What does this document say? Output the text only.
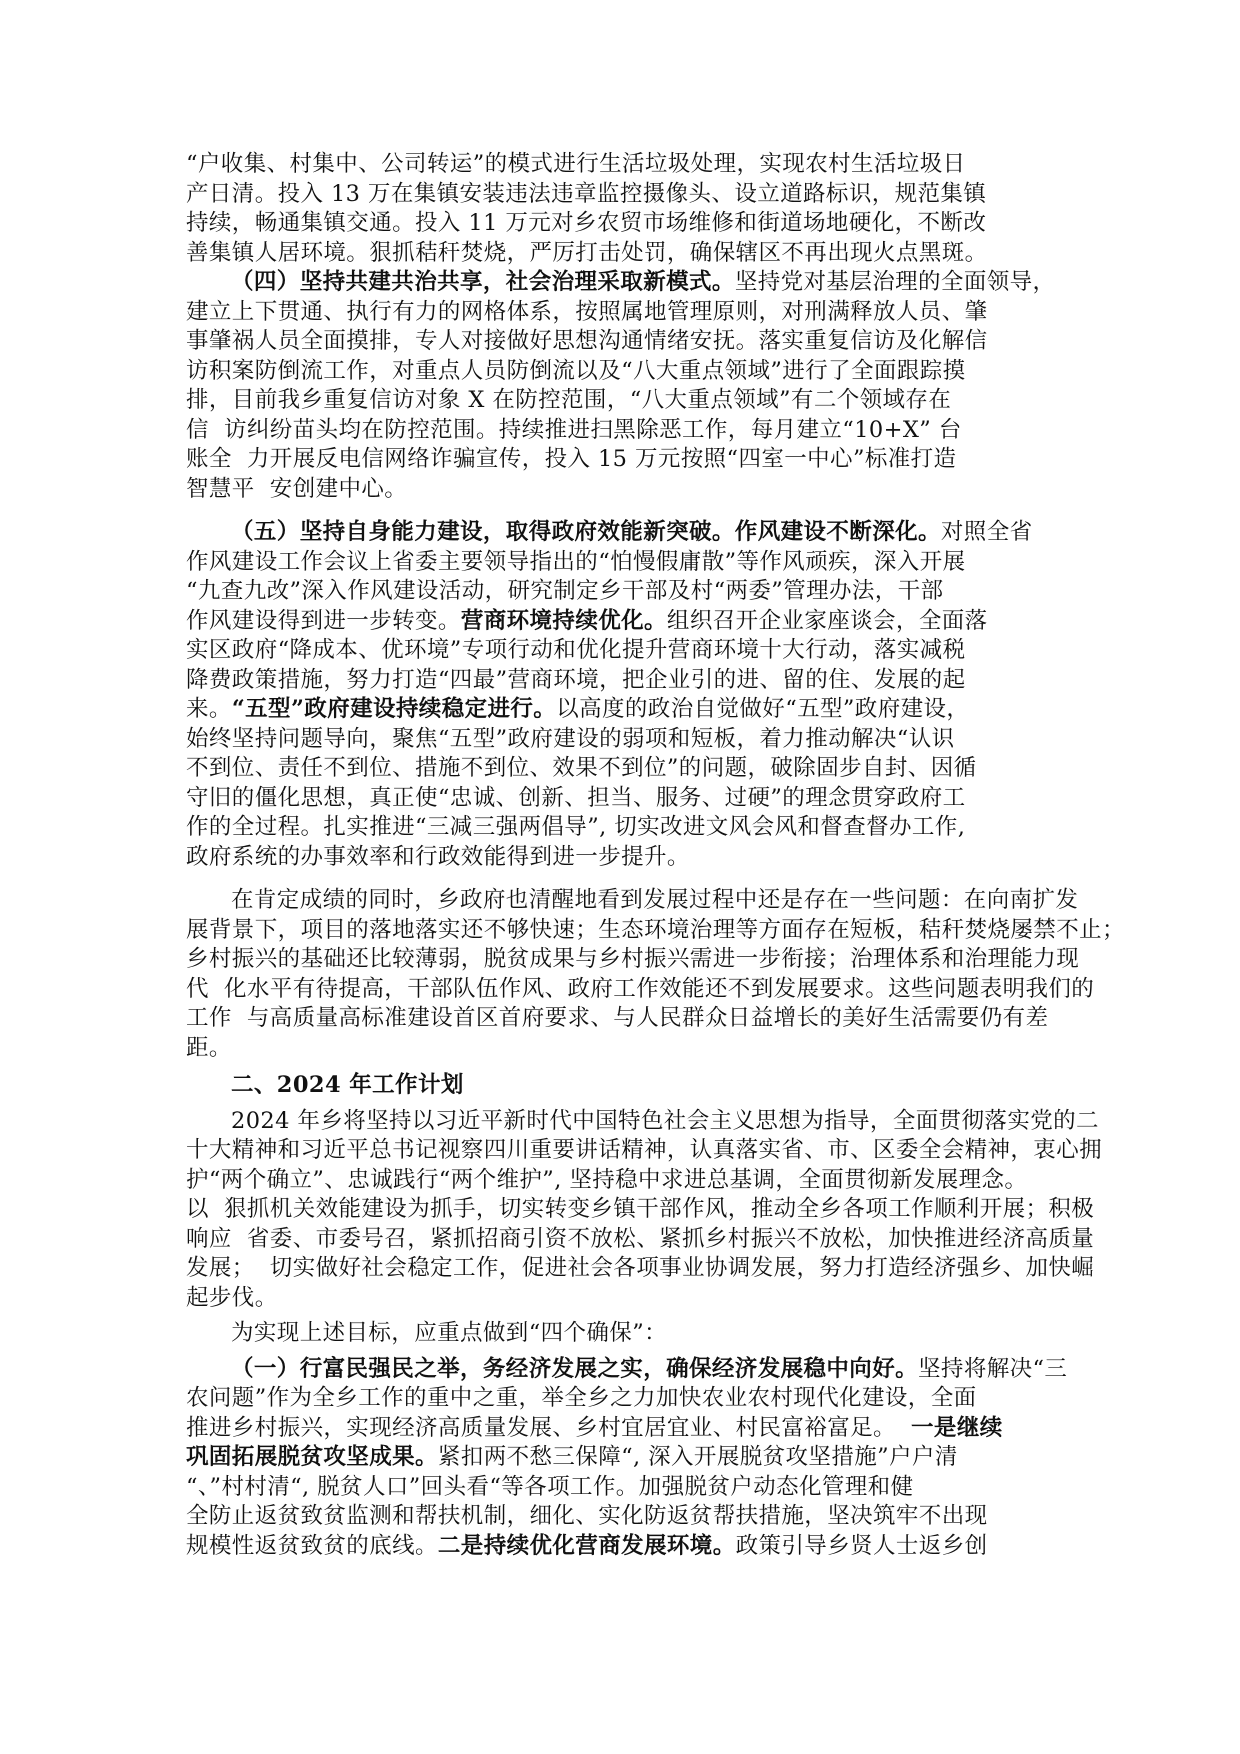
“户收集、村集中、公司转运”的模式进行生活垃圾处理，实现农村生活垃圾日
产日清。投入 13 万在集镇安装违法违章监控摄像头、设立道路标识，规范集镇
持续，畅通集镇交通。投入 11 万元对乡农贸市场维修和街道场地硬化，不断改
善集镇人居环境。狠抓秸秆焚烧，严厉打击处罚，确保辖区不再出现火点黑斑。

（四）坚持共建共治共享，社会治理采取新模式。坚持党对基层治理的全面领导，
建立上下贯通、执行有力的网格体系，按照属地管理原则，对刑满释放人员、肇
事肇祸人员全面摸排，专人对接做好思想沟通情绪安抚。落实重复信访及化解信
访积案防倒流工作，对重点人员防倒流以及“八大重点领域”进行了全面跟踪摸
排，目前我乡重复信访对象 X 在防控范围，“八大重点领域”有二个领域存在
信  访纠纷苗头均在防控范围。持续推进扫黑除恶工作，每月建立“10+X” 台
账全  力开展反电信网络诈骗宣传，投入 15 万元按照“四室一中心”标准打造
智慧平  安创建中心。

（五）坚持自身能力建设，取得政府效能新突破。作风建设不断深化。对照全省
作风建设工作会议上省委主要领导指出的“怕慢假庸散”等作风顽疾，深入开展
“九查九改”深入作风建设活动，研究制定乡干部及村“两委”管理办法，干部
作风建设得到进一步转变。营商环境持续优化。组织召开企业家座谈会，全面落
实区政府“降成本、优环境”专项行动和优化提升营商环境十大行动，落实减税
降费政策措施，努力打造“四最”营商环境，把企业引的进、留的住、发展的起
来。“五型”政府建设持续稳定进行。以高度的政治自觉做好“五型”政府建设，
始终坚持问题导向，聚焦“五型”政府建设的弱项和短板，着力推动解决“认识
不到位、责任不到位、措施不到位、效果不到位”的问题，破除固步自封、因循
守旧的僵化思想，真正使“忠诚、创新、担当、服务、过硬”的理念贯穿政府工
作的全过程。扎实推进“三减三强两倡导”, 切实改进文风会风和督查督办工作,
政府系统的办事效率和行政效能得到进一步提升。

在肯定成绩的同时，乡政府也清醒地看到发展过程中还是存在一些问题：在向南扩发
展背景下，项目的落地落实还不够快速；生态环境治理等方面存在短板，秸秆焚烧屡禁不止；
乡村振兴的基础还比较薄弱，脱贫成果与乡村振兴需进一步衔接；治理体系和治理能力现
代  化水平有待提高，干部队伍作风、政府工作效能还不到发展要求。这些问题表明我们的
工作  与高质量高标准建设首区首府要求、与人民群众日益增长的美好生活需要仍有差
距。

二、2024 年工作计划

2024 年乡将坚持以习近平新时代中国特色社会主义思想为指导，全面贯彻落实党的二
十大精神和习近平总书记视察四川重要讲话精神，认真落实省、市、区委全会精神，衷心拥
护“两个确立”、忠诚践行“两个维护”, 坚持稳中求进总基调，全面贯彻新发展理念。
以  狠抓机关效能建设为抓手，切实转变乡镇干部作风，推动全乡各项工作顺利开展；积极
响应  省委、市委号召，紧抓招商引资不放松、紧抓乡村振兴不放松，加快推进经济高质量
发展；  切实做好社会稳定工作，促进社会各项事业协调发展，努力打造经济强乡、加快崛
起步伐。

为实现上述目标，应重点做到“四个确保”：

（一）行富民强民之举，务经济发展之实，确保经济发展稳中向好。坚持将解决“三
农问题”作为全乡工作的重中之重，举全乡之力加快农业农村现代化建设，全面
推进乡村振兴，实现经济高质量发展、乡村宜居宜业、村民富裕富足。  一是继续
巩固拓展脱贫攻坚成果。紧扣两不愁三保障“, 深入开展脱贫攻坚措施”户户清
“、”村村清“, 脱贫人口”回头看“等各项工作。加强脱贫户动态化管理和健
全防止返贫致贫监测和帮扶机制，细化、实化防返贫帮扶措施，坚决筑牢不出现
规模性返贫致贫的底线。二是持续优化营商发展环境。政策引导乡贤人士返乡创
